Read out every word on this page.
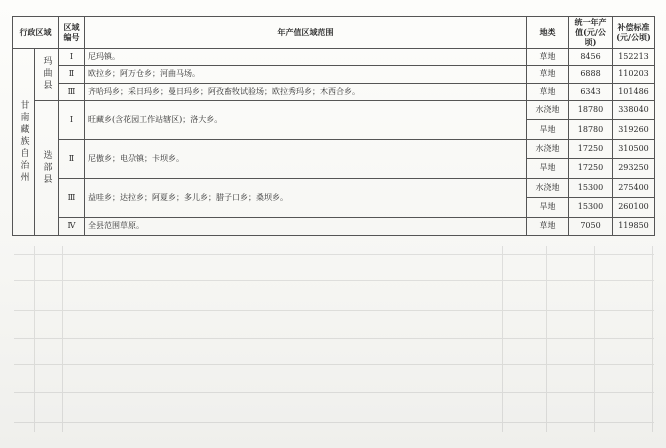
行政区域		区域编号	年产值区域范围	地类	统一年产值(元/公顷)	补偿标准(元/公顷)
甘南藏族自治州	玛曲县	Ⅰ	尼玛镇。	草地	8456	152213
		Ⅱ	欧拉乡；阿万仓乡；河曲马场。	草地	6888	110203
		Ⅲ	齐哈玛乡；采日玛乡；曼日玛乡；阿孜畜牧试验场；欧拉秀玛乡；木西合乡。	草地	6343	101486
	迭部县	Ⅰ	旺藏乡(含花园工作站辖区)；洛大乡。	水浇地	18780	338040
				旱地	18780	319260
		Ⅱ	尼傲乡；电尕镇；卡坝乡。	水浇地	17250	310500
				旱地	17250	293250
		Ⅲ	益哇乡；达拉乡；阿夏乡；多儿乡；腊子口乡；桑坝乡。	水浇地	15300	275400
				旱地	15300	260100
		Ⅳ	全县范围草原。	草地	7050	119850
